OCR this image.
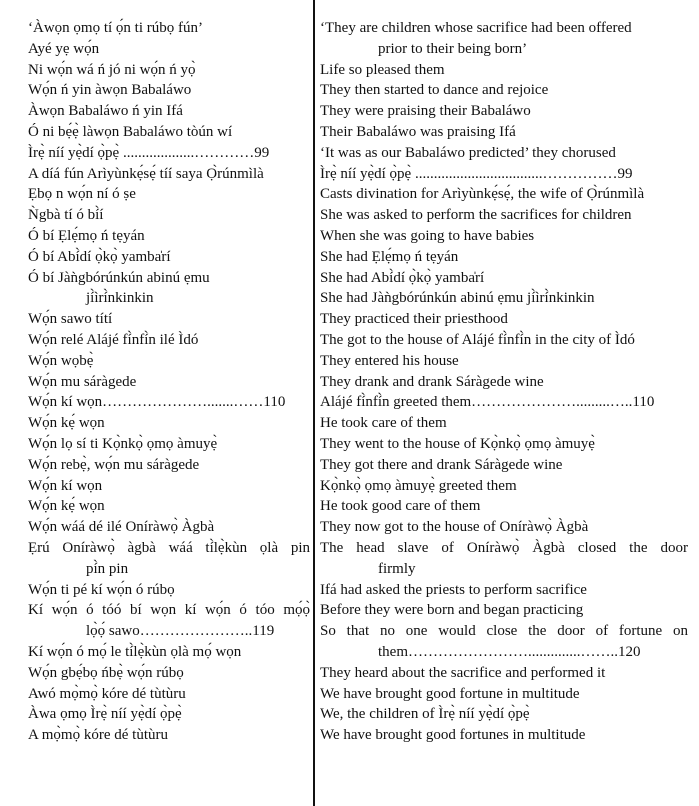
‘Àwọn ọmọ tí ọ́n ti rúbọ fún’
Ayé yẹ wọ́n
Ni wọ́n wá ń jó ni wọ́n ń yọ̀
Wọ́n ń yin àwọn Babaláwo
Àwọn Babaláwo ń yin Ifá
Ó ni bẹ́ẹ̀ làwọn Babaláwo tòún wí
Ìrẹ̀ níí yẹ̀dí ọ̀pẹ̀ ...................…………99
A díá fún Arìyùnkẹ́sẹ́ tíí saya Ọ̀rúnmìlà
Ẹbọ n wọ́n ní ó ṣe
Ǹgbà tí ó bí̀í
Ó bí Ẹlẹ́mọ ń tẹyán
Ó bí Abí̀dí ọ̀kọ̀ yamba̍rí
Ó bí Jàǹgbórúnkún abinú ẹmu
jí̀ìrí̀nkinkin
Wọ́n sawo títí
Wọ́n relé Alájé fí̀nfí̀n ilé Ìdó
Wọ́n wọbẹ̀
Wọ́n mu sáràgede
Wọ́n kí wọn………………….......……110
Wọ́n kẹ́ wọn
Wọ́n lọ sí ti Kọ̀nkọ̀ ọmọ àmuyẹ̀
Wọ́n rebẹ̀, wọ́n mu sáràgede
Wọ́n kí wọn
Wọ́n kẹ́ wọn
Wọ́n wáá dé ilé Oníràwọ̀ Àgbà
Ẹrú Oníràwọ̀ àgbà wáá tí̀lẹ̀kùn ọlà pin
pí̀n pin
Wọ́n ti pé kí wọ́n ó rúbọ
Kí wọ́n ó tóó bí wọn kí wọ́n ó tóo mọ́ọ̀
lọ̀ọ́ sawo…………………..119
Kí wọ́n ó mọ́ le tí̀lẹ̀kùn ọlà mọ́ wọn
Wọ́n gbẹ́bọ ńbẹ̀ wọ́n rúbọ
Awó mọ̀mọ̀ kóre dé tùtùru
Àwa ọmọ Ìrẹ̀ níí yẹ̀dí ọ̀pẹ̀
A mọ̀mọ̀ kóre dé tùtùru
‘They are children whose sacrifice had been offered
prior to their being born’
Life so pleased them
They then started to dance and rejoice
They were praising their Babaláwo
Their Babaláwo was praising Ifá
‘It was as our Babaláwo predicted’ they chorused
Ìrẹ̀ níí yẹ̀dí ọ̀pẹ̀ ..................................……………99
Casts divination for Arìyùnkẹ́sẹ́, the wife of Ọ̀rúnmìlà
She was asked to perform the sacrifices for children
When she was going to have babies
She had Ẹlẹ́mọ ń tẹyán
She had Abí̀dí ọ̀kọ̀ yamba̍rí
She had Jàǹgbórúnkún abinú ẹmu jí̀ìrí̀nkinkin
They practiced their priesthood
The got to the house of Alájé fí̀nfí̀n in the city of Ìdó
They entered his house
They drank and drank Sáràgede wine
Alájé fí̀nfí̀n greeted them………………….........…..110
He took care of them
They went to the house of Kọ̀nkọ̀ ọmọ àmuyẹ̀
They got there and drank Sáràgede wine
Kọ̀nkọ̀ ọmọ àmuyẹ̀ greeted them
He took good care of them
They now got to the house of Oníràwọ̀ Àgbà
The head slave of Oníràwọ̀ Àgbà closed the door
firmly
Ifá had asked the priests to perform sacrifice
Before they were born and began practicing
So that no one would close the door of fortune on
them……………………..............……..120
They heard about the sacrifice and performed it
We have brought good fortune in multitude
We, the children of Ìrẹ̀ níí yẹ̀dí ọ̀pẹ̀
We have brought good fortunes in multitude
